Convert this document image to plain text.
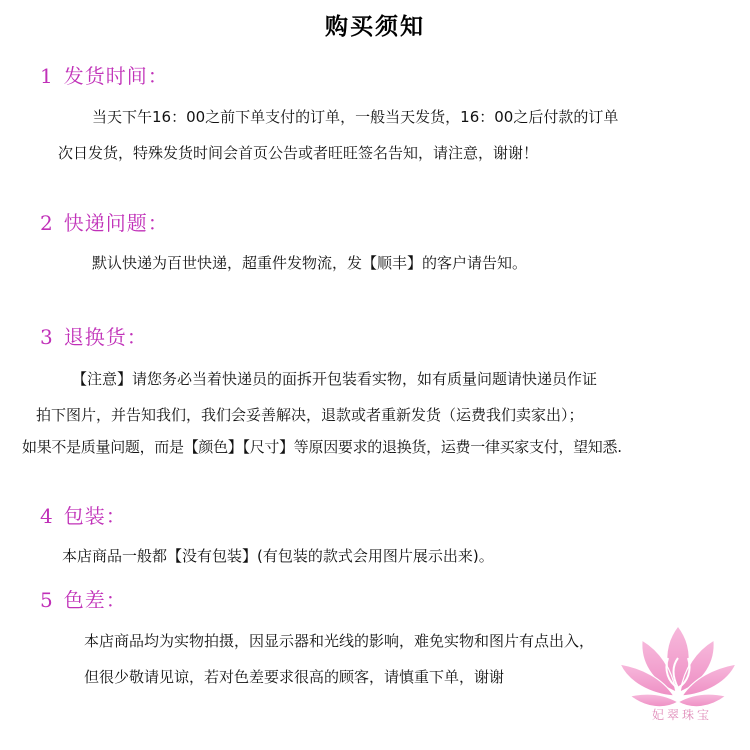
购买须知
1 发货时间：
当天下午16：00之前下单支付的订单，一般当天发货，16：00之后付款的订单
次日发货，特殊发货时间会首页公告或者旺旺签名告知，请注意，谢谢！
2 快递问题：
默认快递为百世快递，超重件发物流，发【顺丰】的客户请告知。
3 退换货：
【注意】请您务必当着快递员的面拆开包装看实物，如有质量问题请快递员作证
拍下图片，并告知我们，我们会妥善解决，退款或者重新发货（运费我们卖家出）；
如果不是质量问题，而是【颜色】【尺寸】等原因要求的退换货，运费一律买家支付，望知悉.
4 包装：
本店商品一般都【没有包装】(有包装的款式会用图片展示出来)。
5 色差：
本店商品均为实物拍摄，因显示器和光线的影响，难免实物和图片有点出入，
但很少敬请见谅，若对色差要求很高的顾客，请慎重下单，谢谢
妃翠珠宝
